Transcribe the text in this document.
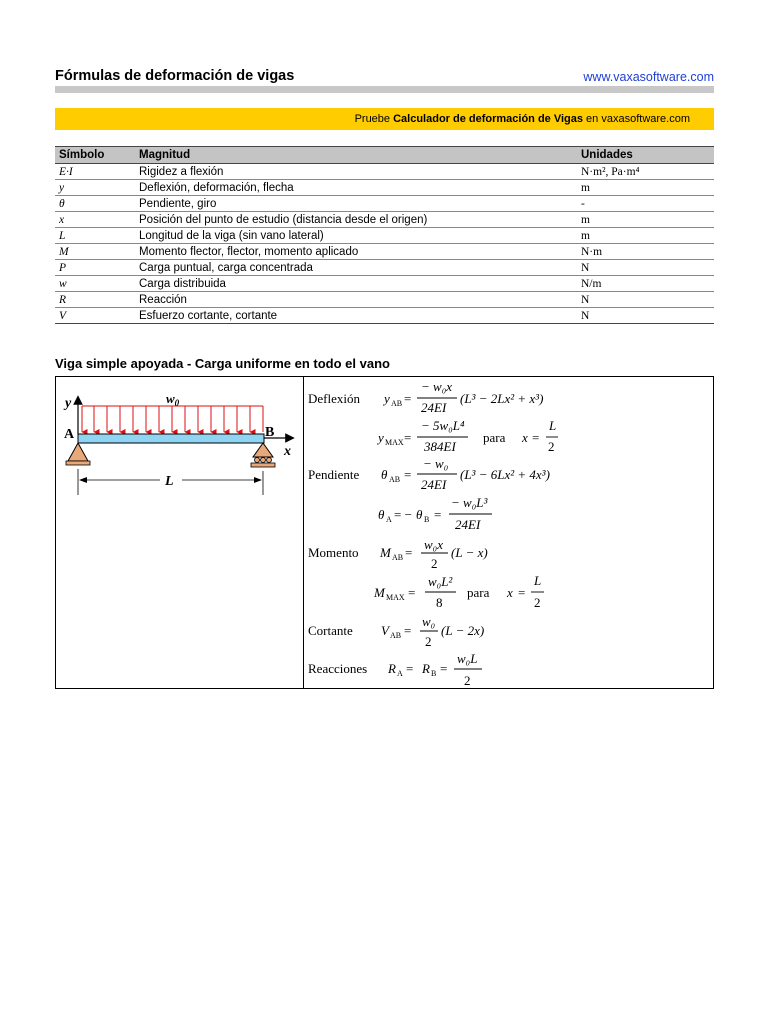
Fórmulas de deformación de vigas	www.vaxasoftware.com
Pruebe Calculador de deformación de Vigas en vaxasoftware.com
Símbolo	Magnitud	Unidades
E·I	Rigidez a flexión	N·m², Pa·m⁴
y	Deflexión, deformación, flecha	m
θ	Pendiente, giro	-
x	Posición del punto de estudio (distancia desde el origen)	m
L	Longitud de la viga (sin vano lateral)	m
M	Momento flector, flector, momento aplicado	N·m
P	Carga puntual, carga concentrada	N
w	Carga distribuida	N/m
R	Reacción	N
V	Esfuerzo cortante, cortante	N
Viga simple apoyada - Carga uniforme en todo el vano
y	$w_0$
x
A	B
L
Deflexión y AB =
− w₀x
24EI
(L³ − 2Lx² + x³)
y MAX =
− 5w₀L⁴
384EI
para x =
L
2
Pendiente θ AB =
− w₀
24EI
(L³ − 6Lx² + 4x³)
θ A = − θ B =
− w₀L³
24EI
Momento M AB =
w₀x
2
(L − x)
M MAX =
w₀L²
8
para x =
L
2
Cortante V AB =
w₀
2
(L − 2x)
Reacciones R A = R B =
w₀L
2
